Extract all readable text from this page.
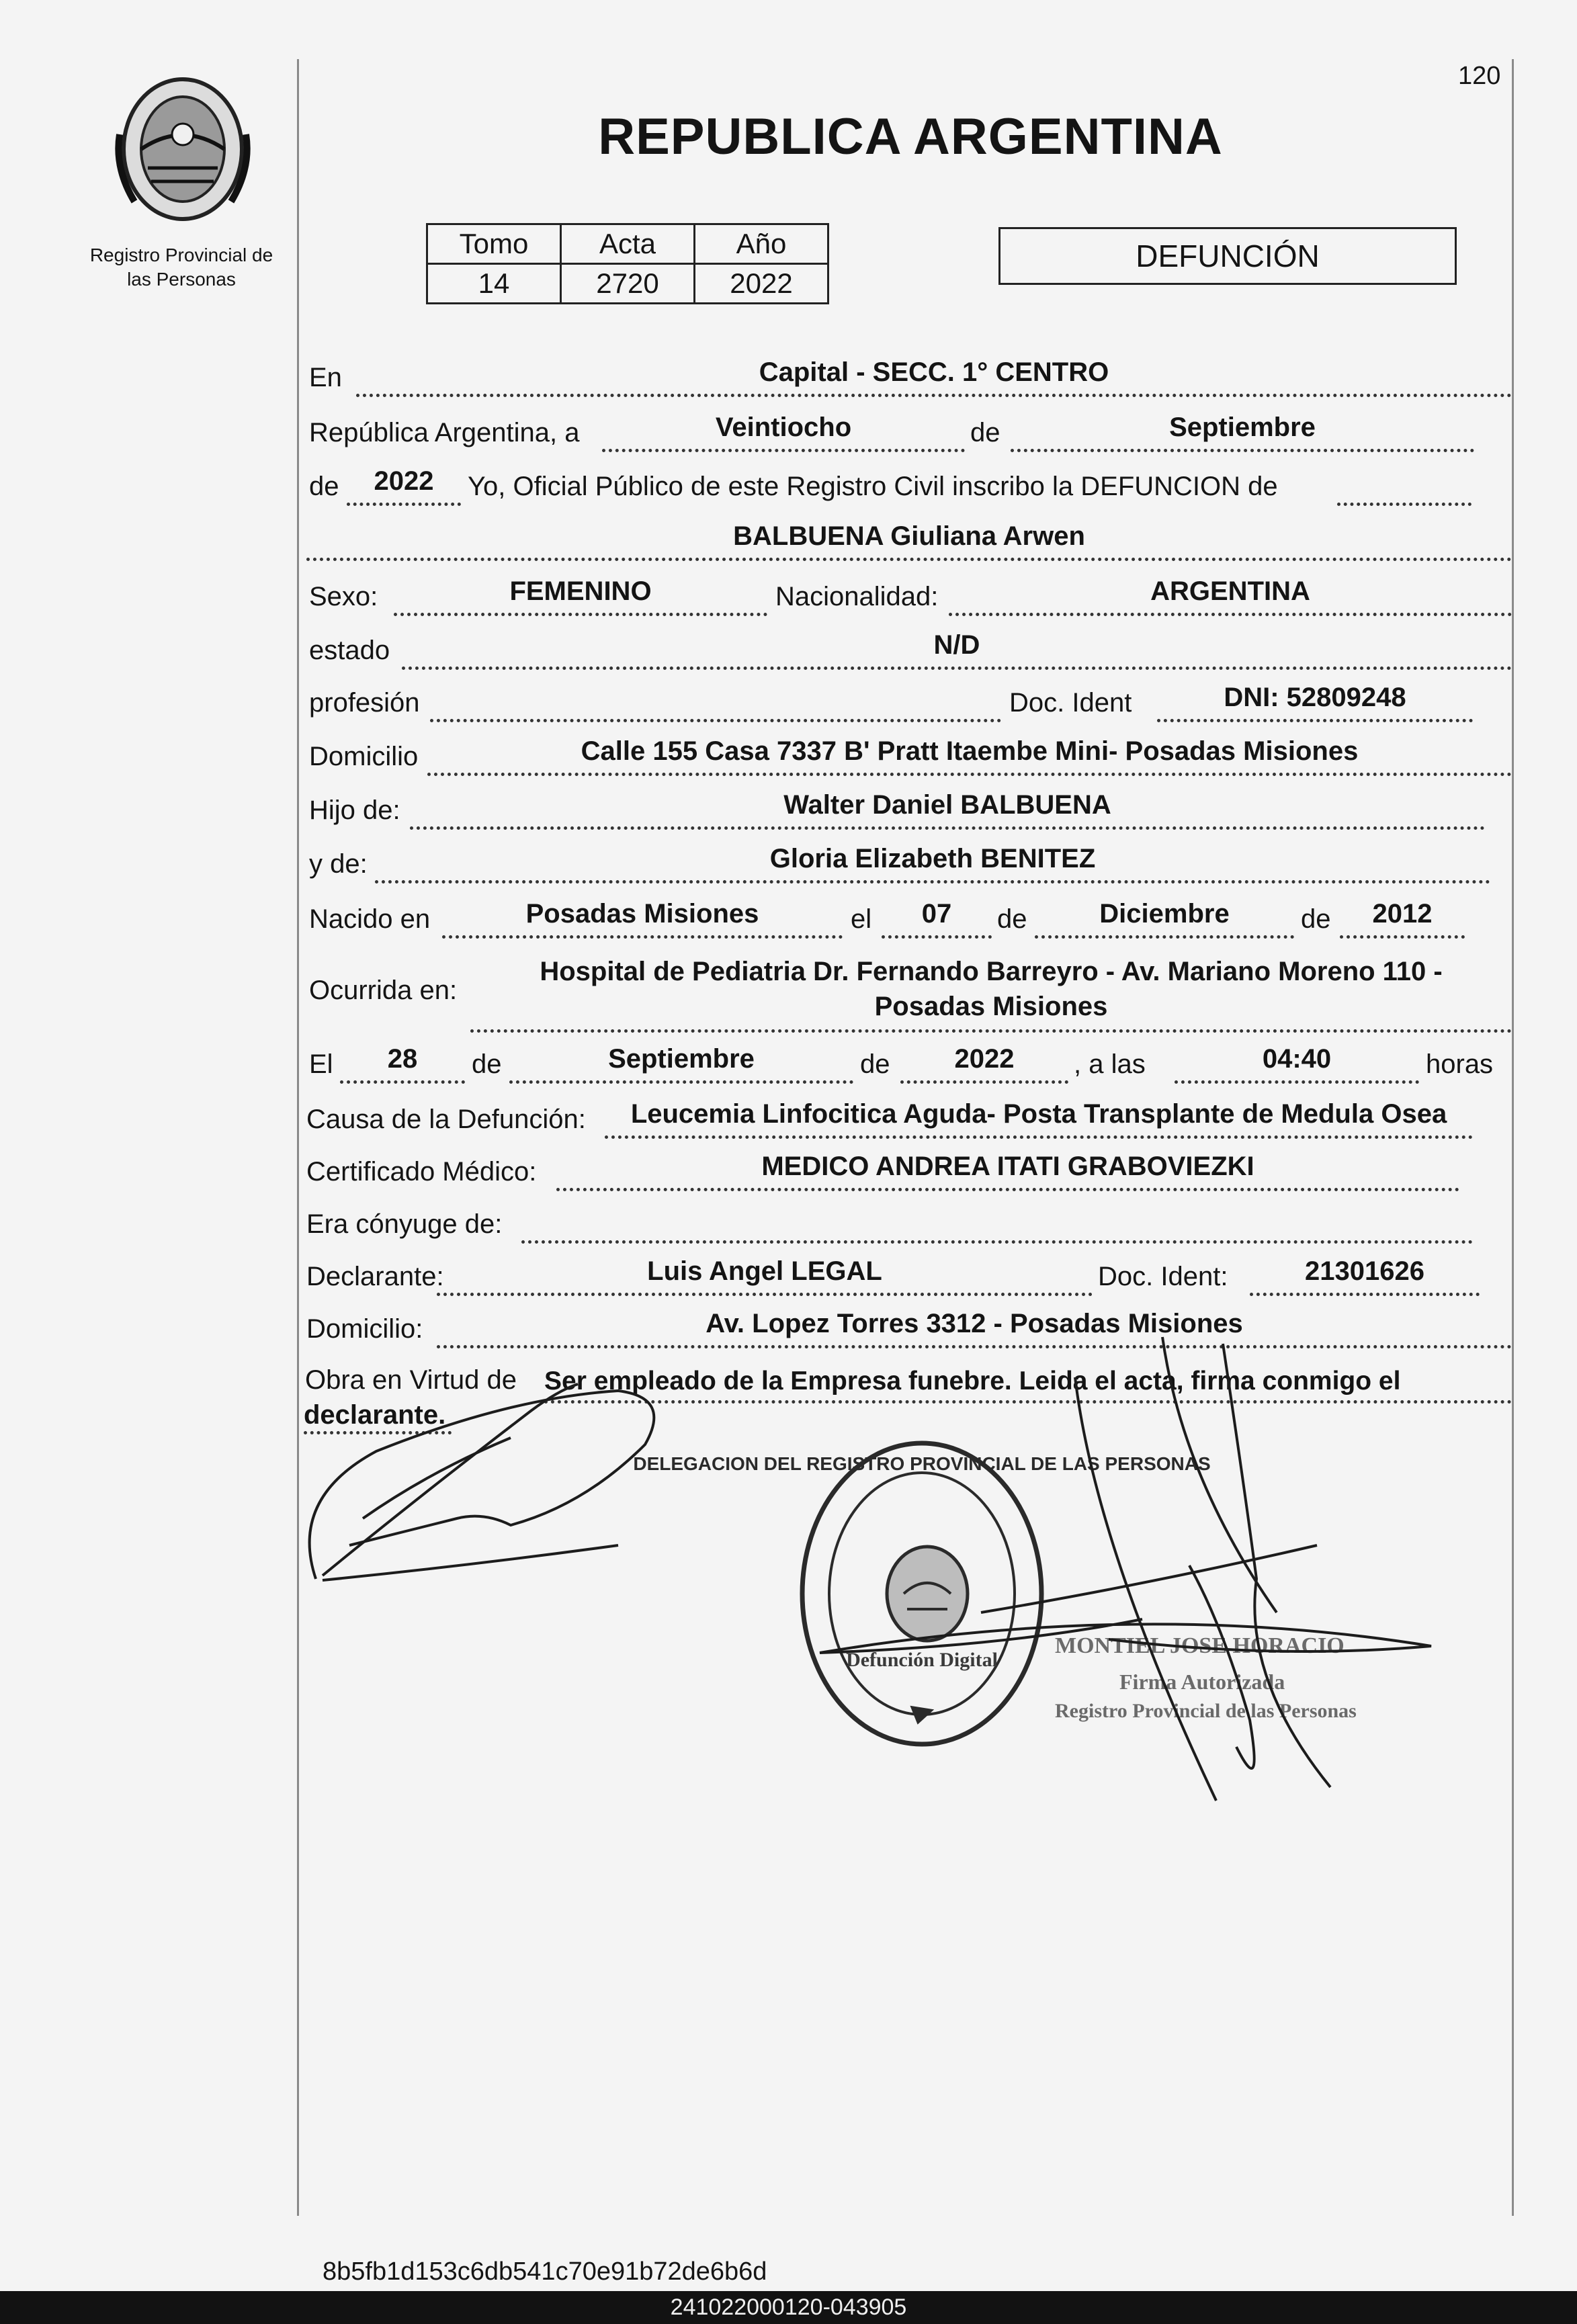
120
REPUBLICA ARGENTINA
Registro Provincial de
las Personas
Tomo	Acta	Año
14	2720	2022
DEFUNCIÓN
En	Capital - SECC. 1° CENTRO
República Argentina, a	Veintiocho	de	Septiembre
de	2022	Yo, Oficial Público de este Registro Civil inscribo la DEFUNCION de
BALBUENA Giuliana Arwen
Sexo:	FEMENINO	Nacionalidad:	ARGENTINA
estado	N/D
profesión	Doc. Ident	DNI: 52809248
Domicilio	Calle 155 Casa 7337 B' Pratt Itaembe Mini- Posadas Misiones
Hijo de:	Walter Daniel BALBUENA
y de:	Gloria Elizabeth BENITEZ
Nacido en	Posadas Misiones	el	07	de	Diciembre	de	2012
Ocurrida en:
Hospital de Pediatria Dr. Fernando Barreyro - Av. Mariano Moreno 110 -
Posadas Misiones
El	28	de	Septiembre	de	2022	, a las	04:40	horas
Causa de la Defunción:	Leucemia Linfocitica Aguda- Posta Transplante de Medula Osea
Certificado Médico:	MEDICO ANDREA ITATI GRABOVIEZKI
Era cónyuge de:
Declarante:	Luis Angel LEGAL	Doc. Ident:	21301626
Domicilio:	Av. Lopez Torres 3312 - Posadas Misiones
Obra en Virtud de Ser empleado de la Empresa funebre. Leida el acta, firma conmigo el
declarante.
DELEGACION DEL REGISTRO PROVINCIAL DE LAS PERSONAS
Defunción Digital
MONTIEL JOSE HORACIO
Firma Autorizada
Registro Provincial de las Personas
8b5fb1d153c6db541c70e91b72de6b6d
241022000120-043905
